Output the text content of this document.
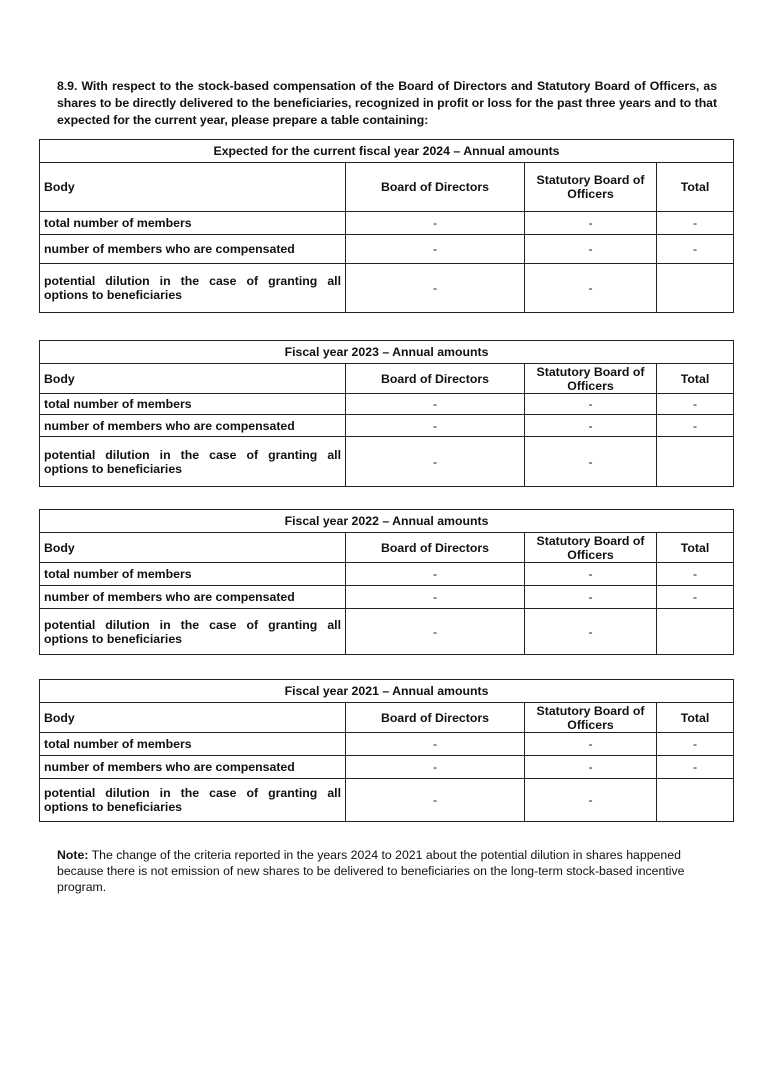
8.9. With respect to the stock-based compensation of the Board of Directors and Statutory Board of Officers, as shares to be directly delivered to the beneficiaries, recognized in profit or loss for the past three years and to that expected for the current year, please prepare a table containing:

Expected for the current fiscal year 2024 – Annual amounts			
Body	Board of Directors	Statutory Board of Officers	Total
total number of members	-	-	-
number of members who are compensated	-	-	-
potential dilution in the case of granting all options to beneficiaries	-	-	
Fiscal year 2023 – Annual amounts			
Body	Board of Directors	Statutory Board of Officers	Total
total number of members	-	-	-
number of members who are compensated	-	-	-
potential dilution in the case of granting all options to beneficiaries	-	-	
Fiscal year 2022 – Annual amounts			
Body	Board of Directors	Statutory Board of Officers	Total
total number of members	-	-	-
number of members who are compensated	-	-	-
potential dilution in the case of granting all options to beneficiaries	-	-	
Fiscal year 2021 – Annual amounts			
Body	Board of Directors	Statutory Board of Officers	Total
total number of members	-	-	-
number of members who are compensated	-	-	-
potential dilution in the case of granting all options to beneficiaries	-	-	

Note: The change of the criteria reported in the years 2024 to 2021 about the potential dilution in shares happened because there is not emission of new shares to be delivered to beneficiaries on the long-term stock-based incentive program.
